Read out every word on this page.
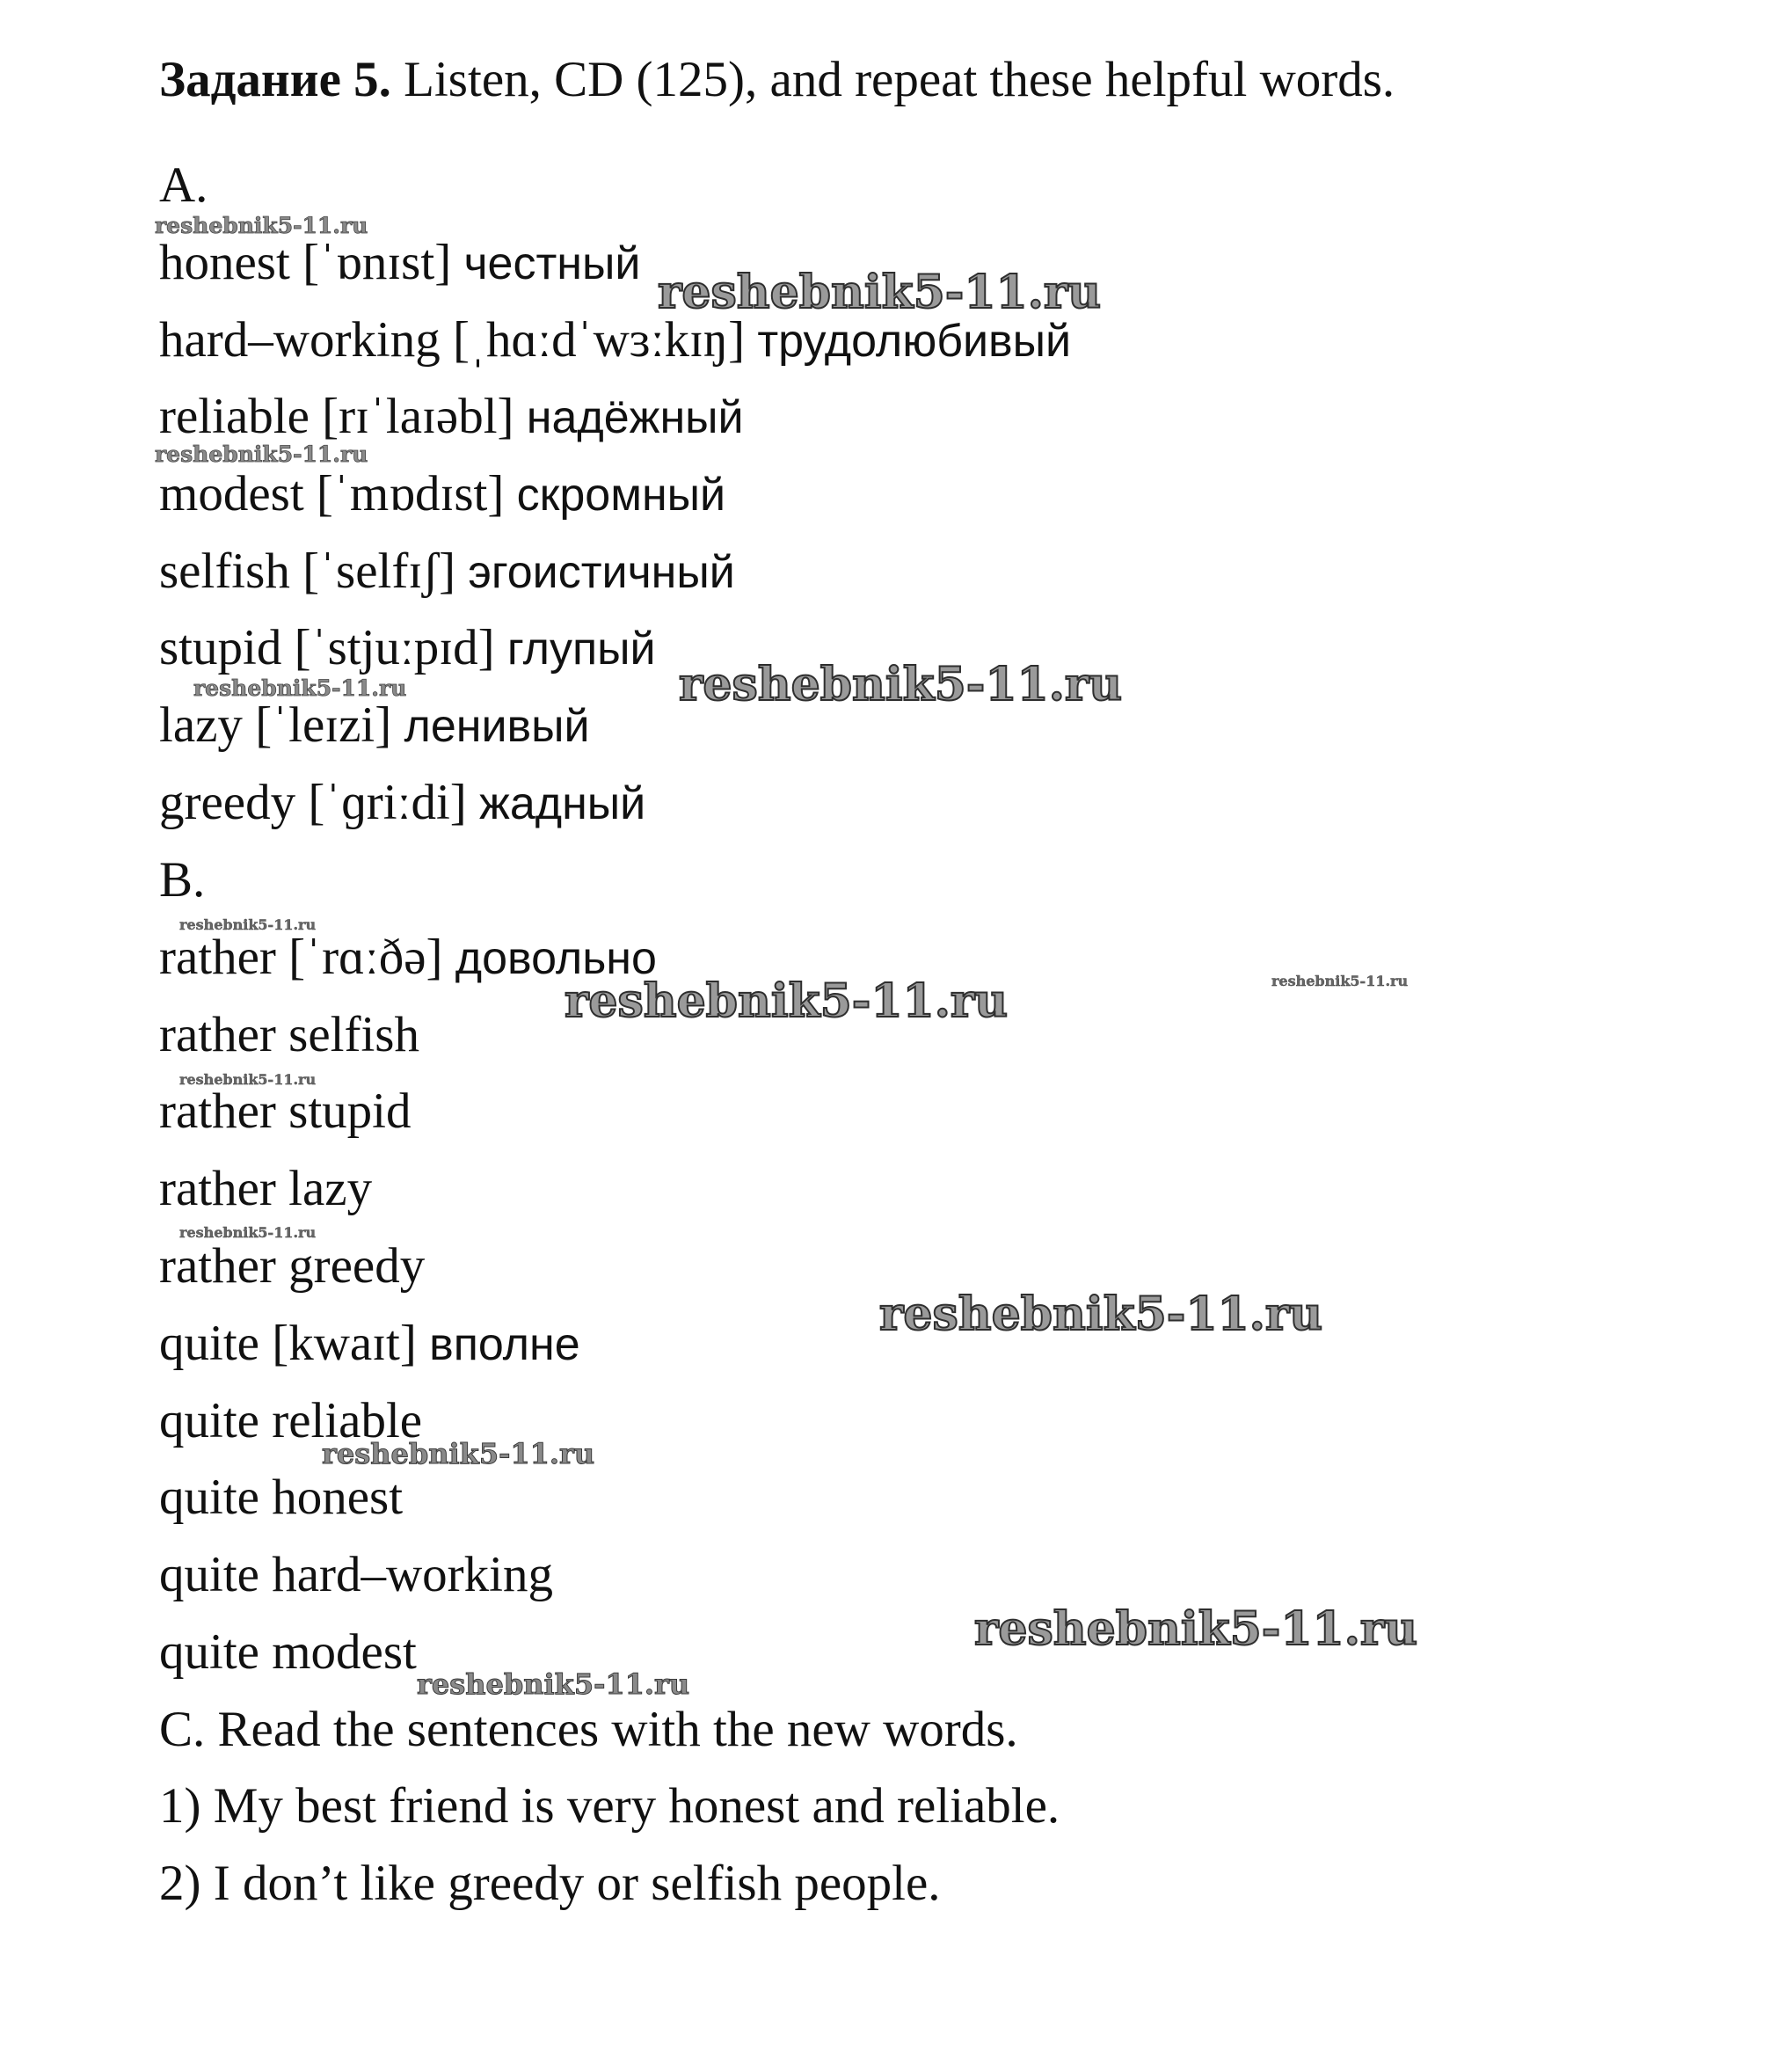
Задание 5. Listen, CD (125), and repeat these helpful words.
A.
honest [ˈɒnɪst] честный
hard–working [ˌhɑːdˈwɜːkɪŋ] трудолюбивый
reliable [rɪˈlaɪəbl] надёжный
modest [ˈmɒdɪst] скромный
selfish [ˈselfɪʃ] эгоистичный
stupid [ˈstjuːpɪd] глупый
lazy [ˈleɪzi] ленивый
greedy [ˈɡriːdi] жадный
B.
rather [ˈrɑːðə] довольно
rather selfish
rather stupid
rather lazy
rather greedy
quite [kwaɪt] вполне
quite reliable
quite honest
quite hard–working
quite modest
C. Read the sentences with the new words.
1) My best friend is very honest and reliable.
2) I don’t like greedy or selfish people.
reshebnik5-11.ru
reshebnik5-11.ru
reshebnik5-11.ru
reshebnik5-11.ru	reshebnik5-11.ru
reshebnik5-11.ru
reshebnik5-11.ru
reshebnik5-11.ru
reshebnik5-11.ru
reshebnik5-11.ru
reshebnik5-11.ru
reshebnik5-11.ru
reshebnik5-11.ru
reshebnik5-11.ru
